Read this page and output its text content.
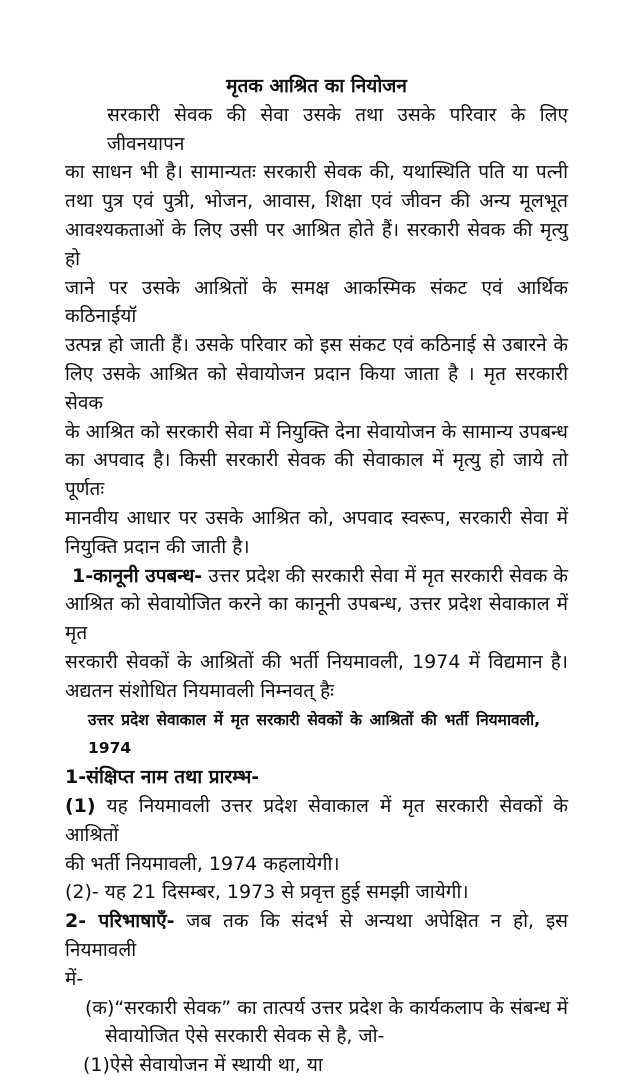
मृतक आश्रित का नियोजन
सरकारी सेवक की सेवा उसके तथा उसके परिवार के लिए जीवनयापन
का साधन भी है। सामान्यतः सरकारी सेवक की, यथास्थिति पति या पत्नी
तथा पुत्र एवं पुत्री, भोजन, आवास, शिक्षा एवं जीवन की अन्य मूलभूत
आवश्यकताओं के लिए उसी पर आश्रित होते हैं। सरकारी सेवक की मृत्यु हो
जाने पर उसके आश्रितों के समक्ष आकस्मिक संकट एवं आर्थिक कठिनाईयॉ
उत्पन्न हो जाती हैं। उसके परिवार को इस संकट एवं कठिनाई से उबारने के
लिए उसके आश्रित को सेवायोजन प्रदान किया जाता है । मृत सरकारी सेवक
के आश्रित को सरकारी सेवा में नियुक्ति देना सेवायोजन के सामान्य उपबन्ध
का अपवाद है। किसी सरकारी सेवक की सेवाकाल में मृत्यु हो जाये तो पूर्णतः
मानवीय आधार पर उसके आश्रित को, अपवाद स्वरूप, सरकारी सेवा में
नियुक्ति प्रदान की जाती है।
1-कानूनी उपबन्ध- उत्तर प्रदेश की सरकारी सेवा में मृत सरकारी सेवक के
आश्रित को सेवायोजित करने का कानूनी उपबन्ध, उत्तर प्रदेश सेवाकाल में मृत
सरकारी सेवकों के आश्रितों की भर्ती नियमावली, 1974 में विद्यमान है।
अद्यतन संशोधित नियमावली निम्नवत् हैः
उत्तर प्रदेश सेवाकाल में मृत सरकारी सेवकों के आश्रितों की भर्ती नियमावली, 1974
1-संक्षिप्त नाम तथा प्रारम्भ-
(1) यह नियमावली उत्तर प्रदेश सेवाकाल में मृत सरकारी सेवकों के आश्रितों
की भर्ती नियमावली, 1974 कहलायेगी।
(2)- यह 21 दिसम्बर, 1973 से प्रवृत्त हुई समझी जायेगी।
2- परिभाषाएँ- जब तक कि संदर्भ से अन्यथा अपेक्षित न हो, इस नियमावली
में-
(क)“सरकारी सेवक” का तात्पर्य उत्तर प्रदेश के कार्यकलाप के संबन्ध में
सेवायोजित ऐसे सरकारी सेवक से है, जो-
(1)ऐसे सेवायोजन में स्थायी था, या
